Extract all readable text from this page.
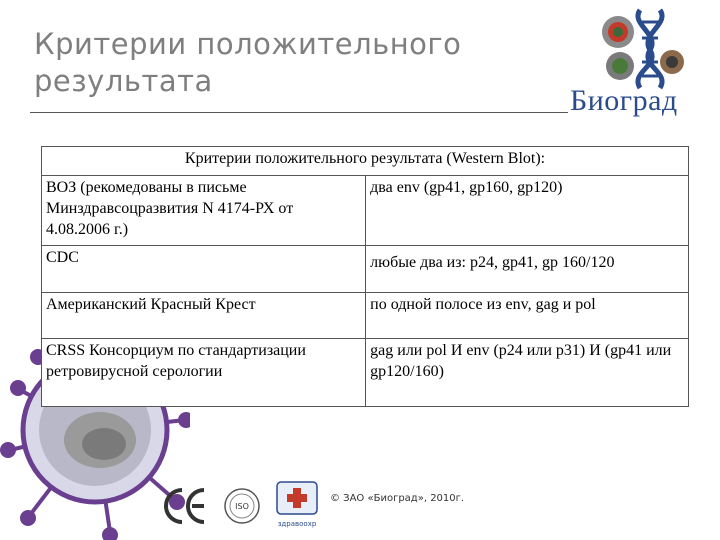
Критерии положительного результата
Биоград
Критерии положительного результата (Western Blot):	
ВОЗ (рекомедованы в письме Минздравсоцразвития N 4174-РХ от 4.08.2006 г.)	два env (gp41, gp160, gp120)
CDC	любые два из: p24, gp41, gp 160/120
Американский Красный Крест	по одной полосе из env, gag и pol
CRSS Консорциум по стандартизации ретровирусной серологии	gag или pol И env (p24 или p31) И (gp41 или gp120/160)
ISO
здравоохр
© ЗАО «Биоград», 2010г.
